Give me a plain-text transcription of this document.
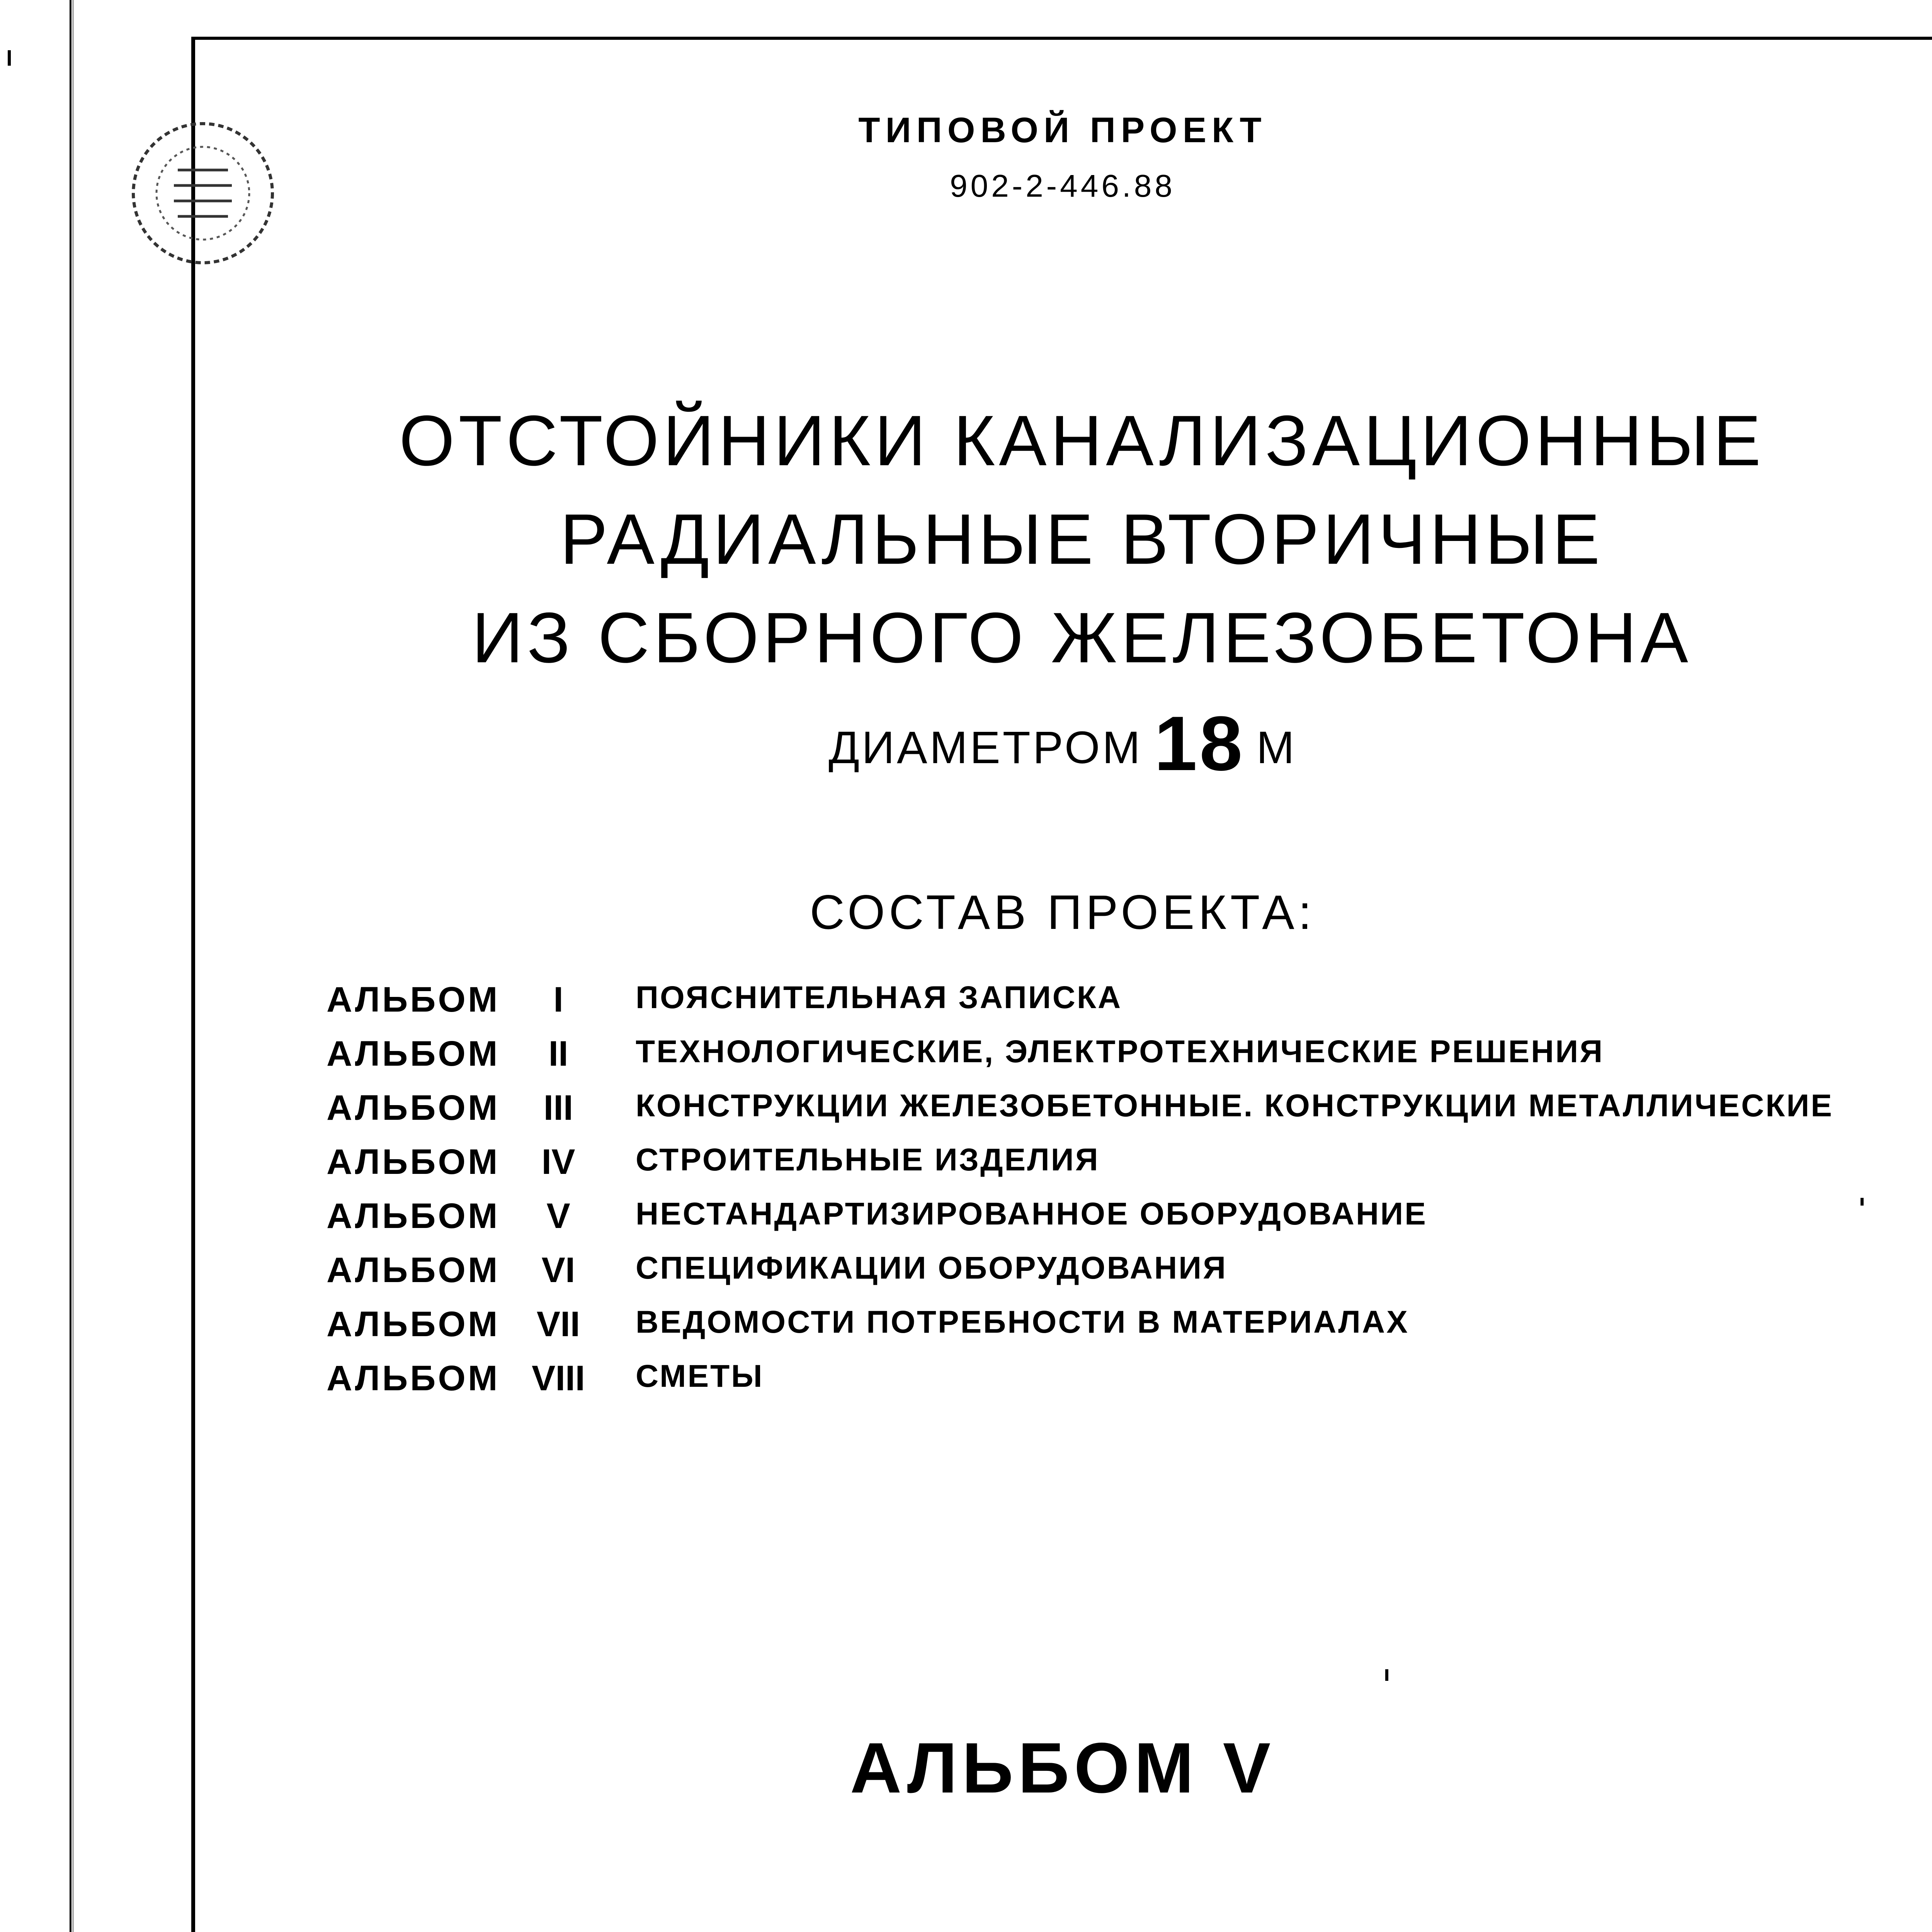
ТИПОВОЙ ПРОЕКТ
902-2-446.88
ОТСТОЙНИКИ КАНАЛИЗАЦИОННЫЕ
РАДИАЛЬНЫЕ ВТОРИЧНЫЕ
ИЗ СБОРНОГО ЖЕЛЕЗОБЕТОНА
ДИАМЕТРОМ 18 М
СОСТАВ ПРОЕКТА:
АЛЬБОМ	I	ПОЯСНИТЕЛЬНАЯ ЗАПИСКА
АЛЬБОМ	II	ТЕХНОЛОГИЧЕСКИЕ, ЭЛЕКТРОТЕХНИЧЕСКИЕ РЕШЕНИЯ
АЛЬБОМ	III	КОНСТРУКЦИИ ЖЕЛЕЗОБЕТОННЫЕ. КОНСТРУКЦИИ МЕТАЛЛИЧЕСКИЕ
АЛЬБОМ	IV	СТРОИТЕЛЬНЫЕ ИЗДЕЛИЯ
АЛЬБОМ	V	НЕСТАНДАРТИЗИРОВАННОЕ ОБОРУДОВАНИЕ
АЛЬБОМ	VI	СПЕЦИФИКАЦИИ ОБОРУДОВАНИЯ
АЛЬБОМ VII ВЕДОМОСТИ ПОТРЕБНОСТИ В МАТЕРИАЛАХ
АЛЬБОМ VIII СМЕТЫ
АЛЬБОМ V
